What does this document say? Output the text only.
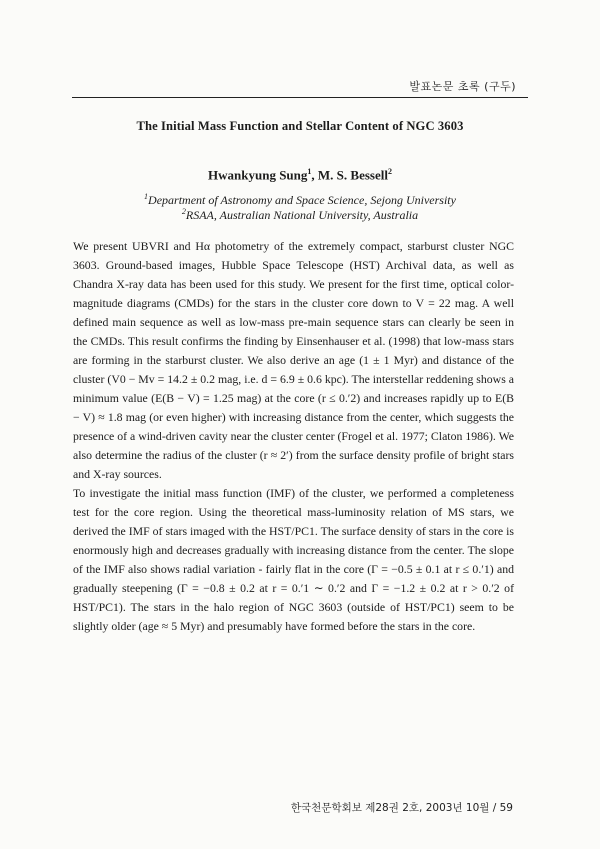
발표논문 초록 (구두)
The Initial Mass Function and Stellar Content of NGC 3603
Hwankyung Sung$^1$, M. S. Bessell$^2$
$^1$Department of Astronomy and Space Science, Sejong University
$^2$RSAA, Australian National University, Australia

We present UBVRI and Hα photometry of the extremely compact, starburst cluster NGC 3603. Ground-based images, Hubble Space Telescope (HST) Archival data, as well as Chandra X-ray data has been used for this study. We present for the first time, optical color-magnitude diagrams (CMDs) for the stars in the cluster core down to V = 22 mag. A well defined main sequence as well as low-mass pre-main sequence stars can clearly be seen in the CMDs. This result confirms the finding by Einsenhauser et al. (1998) that low-mass stars are forming in the starburst cluster. We also derive an age (1 ± 1 Myr) and distance of the cluster (V0 − Mv = 14.2 ± 0.2 mag, i.e. d = 6.9 ± 0.6 kpc). The interstellar reddening shows a minimum value (E(B − V) = 1.25 mag) at the core (r ≤ 0.′2) and increases rapidly up to E(B − V) ≈ 1.8 mag (or even higher) with increasing distance from the center, which suggests the presence of a wind-driven cavity near the cluster center (Frogel et al. 1977; Claton 1986). We also determine the radius of the cluster (r ≈ 2′) from the surface density profile of bright stars and X-ray sources.

To investigate the initial mass function (IMF) of the cluster, we performed a completeness test for the core region. Using the theoretical mass-luminosity relation of MS stars, we derived the IMF of stars imaged with the HST/PC1. The surface density of stars in the core is enormously high and decreases gradually with increasing distance from the center. The slope of the IMF also shows radial variation - fairly flat in the core (Γ = −0.5 ± 0.1 at r ≤ 0.′1) and gradually steepening (Γ = −0.8 ± 0.2 at r = 0.′1 ∼ 0.′2 and Γ = −1.2 ± 0.2 at r > 0.′2 of HST/PC1). The stars in the halo region of NGC 3603 (outside of HST/PC1) seem to be slightly older (age ≈ 5 Myr) and presumably have formed before the stars in the core.

한국천문학회보 제28권 2호, 2003년 10월 / 59
